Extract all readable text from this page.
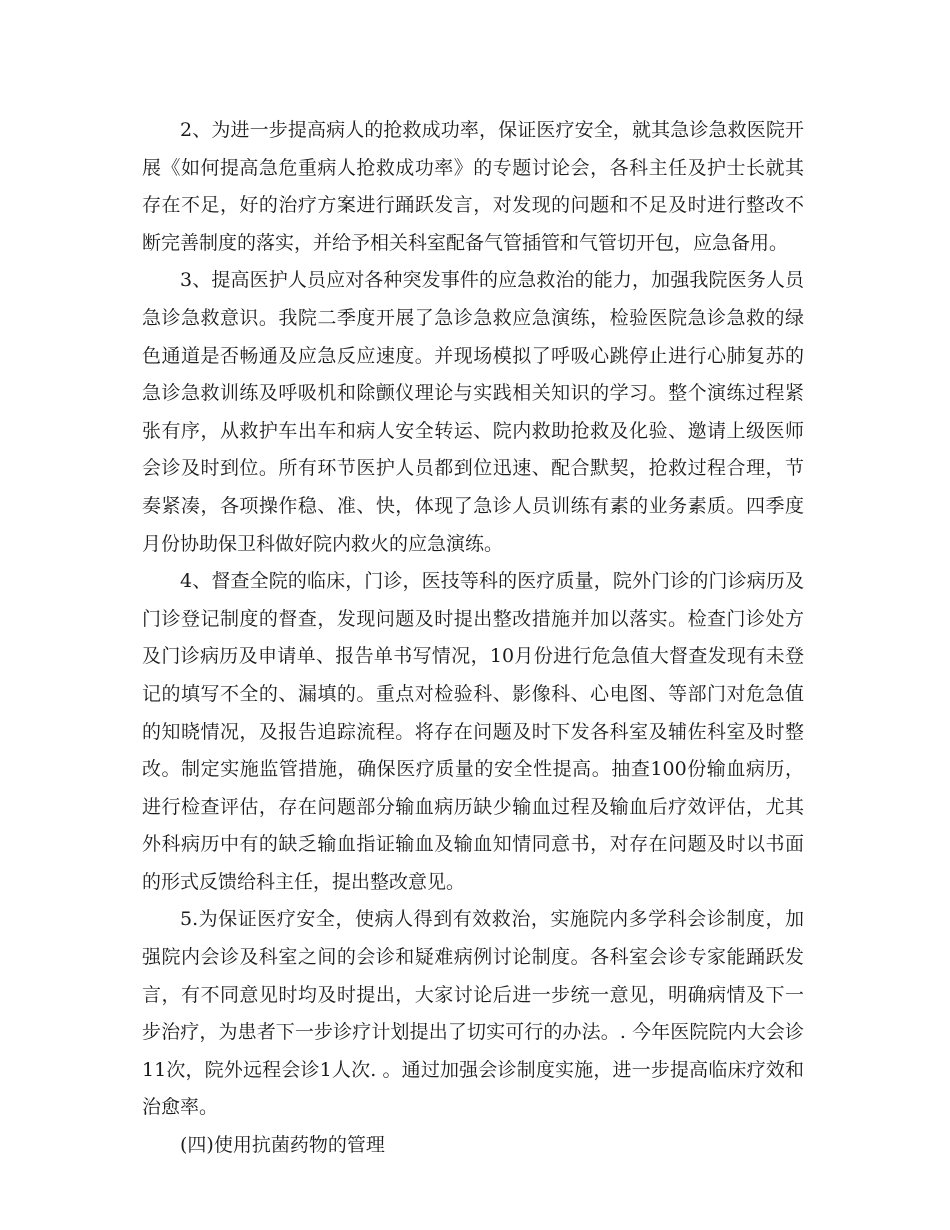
2、为进一步提高病人的抢救成功率，保证医疗安全，就其急诊急救医院开展《如何提高急危重病人抢救成功率》的专题讨论会，各科主任及护士长就其存在不足，好的治疗方案进行踊跃发言，对发现的问题和不足及时进行整改不断完善制度的落实，并给予相关科室配备气管插管和气管切开包，应急备用。

3、提高医护人员应对各种突发事件的应急救治的能力，加强我院医务人员急诊急救意识。我院二季度开展了急诊急救应急演练，检验医院急诊急救的绿色通道是否畅通及应急反应速度。并现场模拟了呼吸心跳停止进行心肺复苏的急诊急救训练及呼吸机和除颤仪理论与实践相关知识的学习。整个演练过程紧张有序，从救护车出车和病人安全转运、院内救助抢救及化验、邀请上级医师会诊及时到位。所有环节医护人员都到位迅速、配合默契，抢救过程合理，节奏紧凑，各项操作稳、准、快，体现了急诊人员训练有素的业务素质。四季度月份协助保卫科做好院内救火的应急演练。

4、督查全院的临床，门诊，医技等科的医疗质量，院外门诊的门诊病历及门诊登记制度的督查，发现问题及时提出整改措施并加以落实。检查门诊处方及门诊病历及申请单、报告单书写情况，10月份进行危急值大督查发现有未登记的填写不全的、漏填的。重点对检验科、影像科、心电图、等部门对危急值的知晓情况，及报告追踪流程。将存在问题及时下发各科室及辅佐科室及时整改。制定实施监管措施，确保医疗质量的安全性提高。抽查100份输血病历，进行检查评估，存在问题部分输血病历缺少输血过程及输血后疗效评估，尤其外科病历中有的缺乏输血指证输血及输血知情同意书，对存在问题及时以书面的形式反馈给科主任，提出整改意见。

5.为保证医疗安全，使病人得到有效救治，实施院内多学科会诊制度，加强院内会诊及科室之间的会诊和疑难病例讨论制度。各科室会诊专家能踊跃发言，有不同意见时均及时提出，大家讨论后进一步统一意见，明确病情及下一步治疗，为患者下一步诊疗计划提出了切实可行的办法。. 今年医院院内大会诊11次，院外远程会诊1人次. 。通过加强会诊制度实施，进一步提高临床疗效和治愈率。

(四)使用抗菌药物的管理
